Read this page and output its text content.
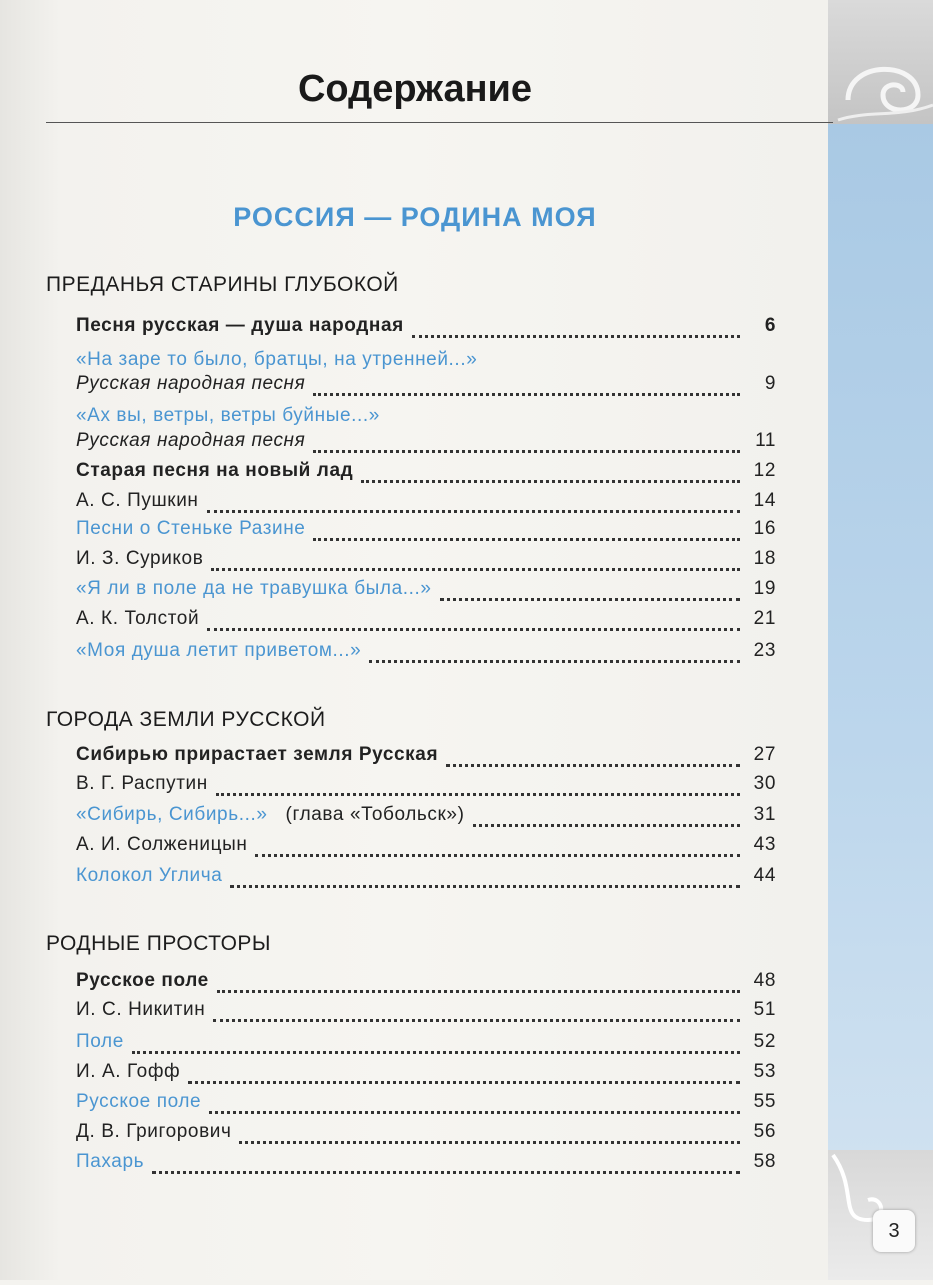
Содержание
РОССИЯ — РОДИНА МОЯ
ПРЕДАНЬЯ СТАРИНЫ ГЛУБОКОЙ
Песня русская — душа народная	6
«На заре то было, братцы, на утренней...»
Русская народная песня	9
«Ах вы, ветры, ветры буйные...»
Русская народная песня	11
Старая песня на новый лад	12
А. С. Пушкин	14
Песни о Стеньке Разине	16
И. З. Суриков	18
«Я ли в поле да не травушка была...»	19
А. К. Толстой	21
«Моя душа летит приветом...»	23
ГОРОДА ЗЕМЛИ РУССКОЙ
Сибирью прирастает земля Русская	27
В. Г. Распутин	30
«Сибирь, Сибирь...» (глава «Тобольск»)	31
А. И. Солженицын	43
Колокол Углича	44
РОДНЫЕ ПРОСТОРЫ
Русское поле	48
И. С. Никитин	51
Поле	52
И. А. Гофф	53
Русское поле	55
Д. В. Григорович	56
Пахарь	58
3
